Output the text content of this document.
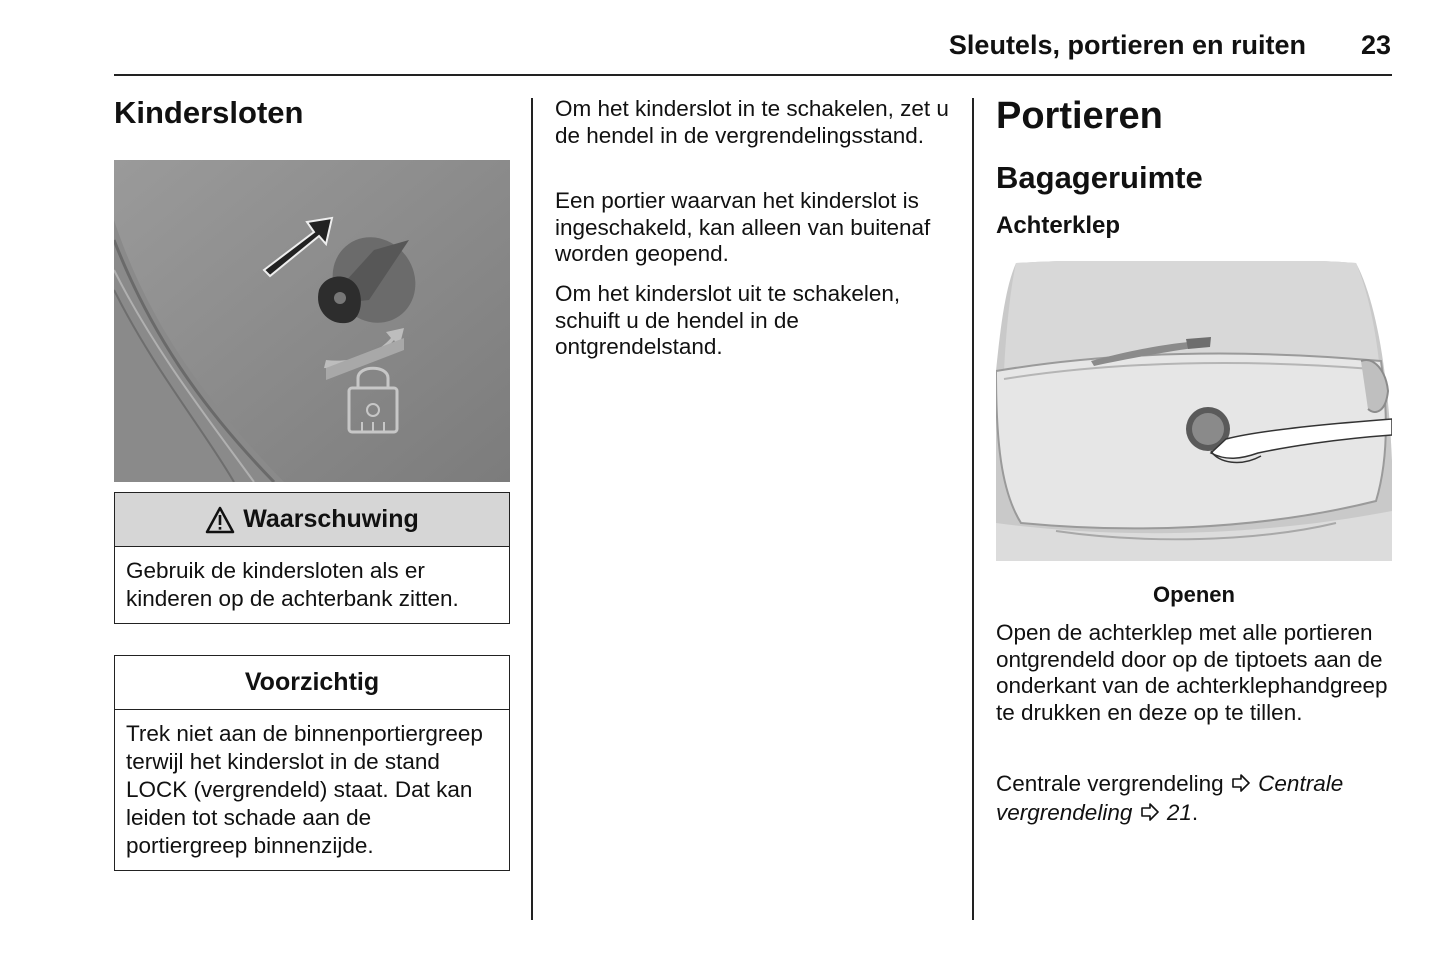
Sleutels, portieren en ruiten	23
Kindersloten
Waarschuwing
Gebruik de kindersloten als er kinderen op de achterbank zitten.
Voorzichtig
Trek niet aan de binnenportiergreep terwijl het kinderslot in de stand LOCK (vergrendeld) staat. Dat kan leiden tot schade aan de portiergreep binnenzijde.
Om het kinderslot in te schakelen, zet u de hendel in de vergrendelingsstand.
Een portier waarvan het kinderslot is ingeschakeld, kan alleen van buitenaf worden geopend.
Om het kinderslot uit te schakelen, schuift u de hendel in de ontgrendelstand.
Portieren
Bagageruimte
Achterklep
Openen
Open de achterklep met alle portieren ontgrendeld door op de tiptoets aan de onderkant van de achterklephandgreep te drukken en deze op te tillen.
Centrale vergrendeling Centrale vergrendeling 21.
